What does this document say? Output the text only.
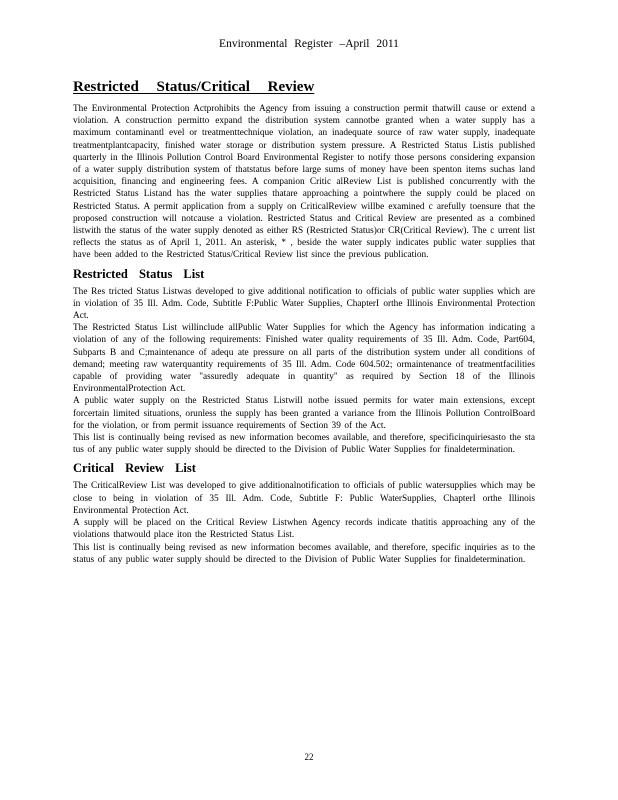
Environmental Register –April 2011
Restricted Status/Critical Review

The Environmental Protection Actprohibits the Agency from issuing a construction permit thatwill cause or extend a violation. A construction permitto expand the distribution system cannotbe granted when a water supply has a maximum contaminantl evel or treatmenttechnique violation, an inadequate source of raw water supply, inadequate treatmentplantcapacity, finished water storage or distribution system pressure. A Restricted Status Listis published quarterly in the Illinois Pollution Control Board Environmental Register to notify those persons considering expansion of a water supply distribution system of thatstatus before large sums of money have been spenton items suchas land acquisition, financing and engineering fees. A companion Critic alReview List is published concurrently with the Restricted Status Listand has the water supplies thatare approaching a pointwhere the supply could be placed on Restricted Status. A permit application from a supply on CriticalReview willbe examined c arefully toensure that the proposed construction will notcause a violation. Restricted Status and Critical Review are presented as a combined listwith the status of the water supply denoted as either RS (Restricted Status)or CR(Critical Review). The c urrent list reflects the status as of April 1, 2011. An asterisk, * , beside the water supply indicates public water supplies that have been added to the Restricted Status/Critical Review list since the previous publication.

Restricted Status List

The Res tricted Status Listwas developed to give additional notification to officials of public water supplies which are in violation of 35 Ill. Adm. Code, Subtitle F:Public Water Supplies, ChapterI orthe Illinois Environmental Protection Act.

The Restricted Status List willinclude allPublic Water Supplies for which the Agency has information indicating a violation of any of the following requirements: Finished water quality requirements of 35 Ill. Adm. Code, Part604, Subparts B and C;maintenance of adequ ate pressure on all parts of the distribution system under all conditions of demand; meeting raw waterquantity requirements of 35 Ill. Adm. Code 604.502; ormaintenance of treatmentfacilities capable of providing water "assuredly adequate in quantity" as required by Section 18 of the Illinois EnvironmentalProtection Act.

A public water supply on the Restricted Status Listwill notbe issued permits for water main extensions, except forcertain limited situations, orunless the supply has been granted a variance from the Illinois Pollution ControlBoard for the violation, or from permit issuance requirements of Section 39 of the Act.

This list is continually being revised as new information becomes available, and therefore, specificinquiriesasto the sta tus of any public water supply should be directed to the Division of Public Water Supplies for finaldetermination.

Critical Review List

The CriticalReview List was developed to give additionalnotification to officials of public watersupplies which may be close to being in violation of 35 Ill. Adm. Code, Subtitle F: Public WaterSupplies, ChapterI orthe Illinois Environmental Protection Act.

A supply will be placed on the Critical Review Listwhen Agency records indicate thatitis approaching any of the violations thatwould place iton the Restricted Status List.

This list is continually being revised as new information becomes available, and therefore, specific inquiries as to the status of any public water supply should be directed to the Division of Public Water Supplies for finaldetermination.

22
